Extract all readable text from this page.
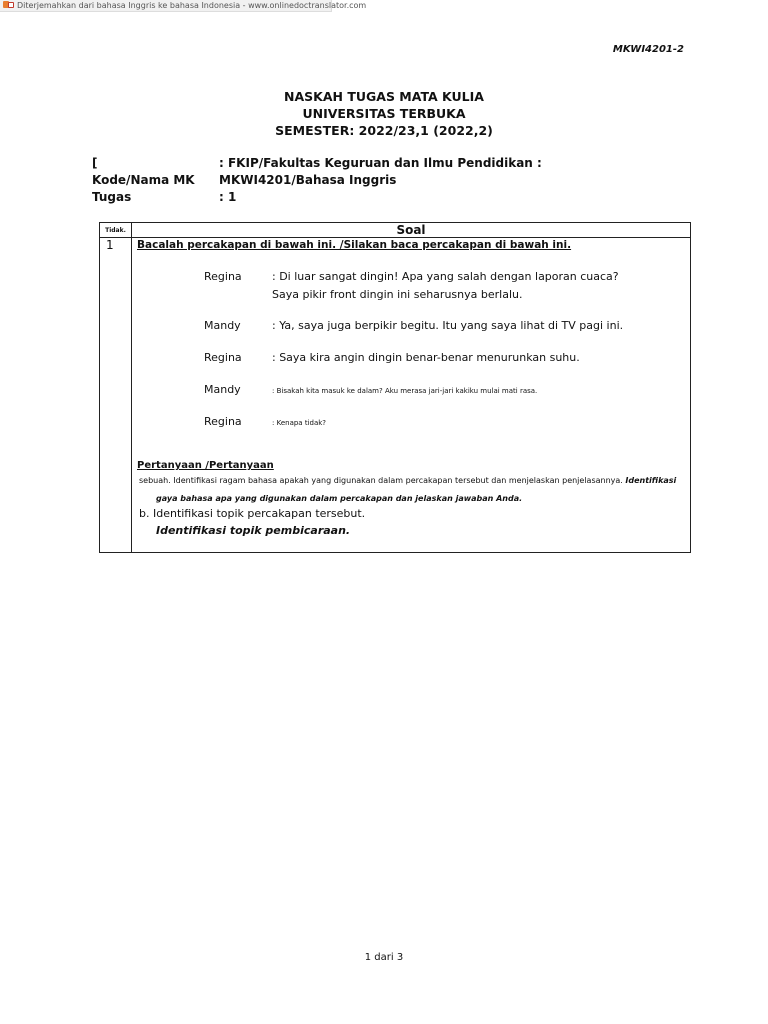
Diterjemahkan dari bahasa Inggris ke bahasa Indonesia - www.onlinedoctranslator.com
MKWI4201-2
NASKAH TUGAS MATA KULIA
UNIVERSITAS TERBUKA
SEMESTER: 2022/23,1 (2022,2)
[	: FKIP/Fakultas Keguruan dan Ilmu Pendidikan :
Kode/Nama MK MKWI4201/Bahasa Inggris
Tugas	: 1
Tidak.	Soal
1 Bacalah percakapan di bawah ini. /Silakan baca percakapan di bawah ini.
Regina	: Di luar sangat dingin! Apa yang salah dengan laporan cuaca?
Saya pikir front dingin ini seharusnya berlalu.
Mandy	: Ya, saya juga berpikir begitu. Itu yang saya lihat di TV pagi ini.
Regina	: Saya kira angin dingin benar-benar menurunkan suhu.
Mandy	: Bisakah kita masuk ke dalam? Aku merasa jari-jari kakiku mulai mati rasa.
Regina	: Kenapa tidak?
Pertanyaan /Pertanyaan
sebuah. Identifikasi ragam bahasa apakah yang digunakan dalam percakapan tersebut dan menjelaskan penjelasannya. Identifikasi
gaya bahasa apa yang digunakan dalam percakapan dan jelaskan jawaban Anda.
b. Identifikasi topik percakapan tersebut.
Identifikasi topik pembicaraan.
1 dari 3
